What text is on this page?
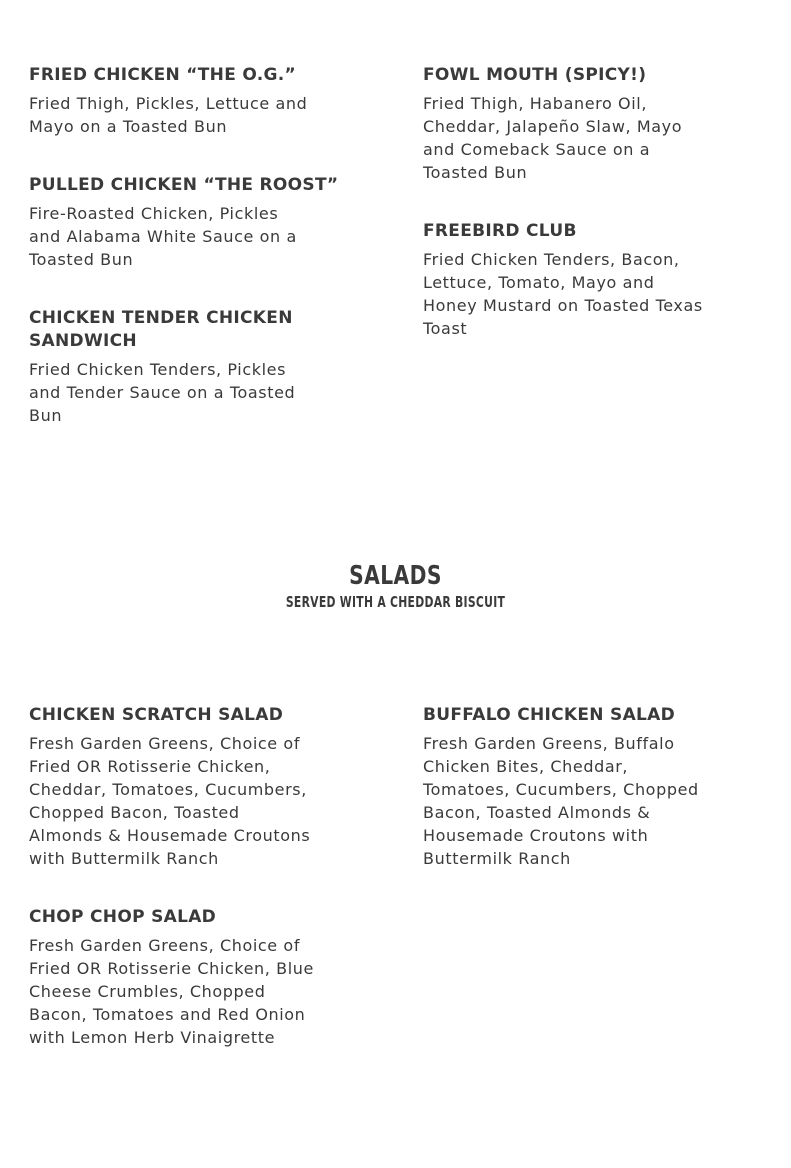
FRIED CHICKEN “THE O.G.”

Fried Thigh, Pickles, Lettuce and
Mayo on a Toasted Bun

PULLED CHICKEN “THE ROOST”

Fire-Roasted Chicken, Pickles
and Alabama White Sauce on a
Toasted Bun

CHICKEN TENDER CHICKEN SANDWICH

Fried Chicken Tenders, Pickles
and Tender Sauce on a Toasted
Bun

FOWL MOUTH (SPICY!)

Fried Thigh, Habanero Oil,
Cheddar, Jalapeño Slaw, Mayo
and Comeback Sauce on a
Toasted Bun

FREEBIRD CLUB

Fried Chicken Tenders, Bacon,
Lettuce, Tomato, Mayo and
Honey Mustard on Toasted Texas
Toast

SALADS

SERVED WITH A CHEDDAR BISCUIT

CHICKEN SCRATCH SALAD

Fresh Garden Greens, Choice of
Fried OR Rotisserie Chicken,
Cheddar, Tomatoes, Cucumbers,
Chopped Bacon, Toasted
Almonds & Housemade Croutons
with Buttermilk Ranch

CHOP CHOP SALAD

Fresh Garden Greens, Choice of
Fried OR Rotisserie Chicken, Blue
Cheese Crumbles, Chopped
Bacon, Tomatoes and Red Onion
with Lemon Herb Vinaigrette

BUFFALO CHICKEN SALAD

Fresh Garden Greens, Buffalo
Chicken Bites, Cheddar,
Tomatoes, Cucumbers, Chopped
Bacon, Toasted Almonds &
Housemade Croutons with
Buttermilk Ranch
